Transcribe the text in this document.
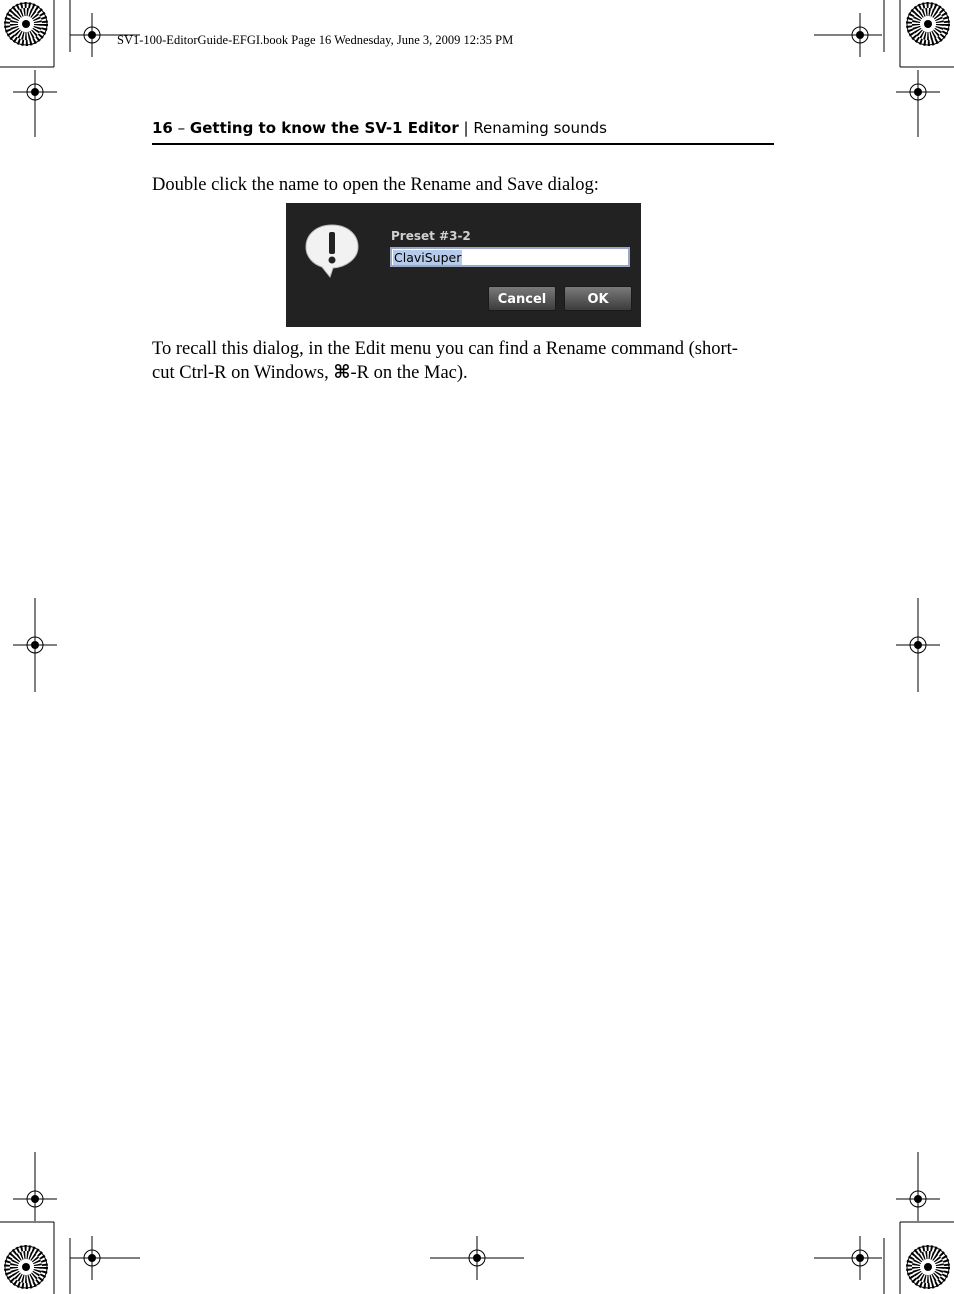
SV1-100-EditorGuide-EFGI.book Page 16 Wednesday, June 3, 2009 12:35 PM
16 – Getting to know the SV-1 Editor | Renaming sounds
Double click the name to open the Rename and Save dialog:
Preset #3-2
ClaviSuper
Cancel	OK
To recall this dialog, in the Edit menu you can find a Rename command (short-
cut Ctrl-R on Windows, ⌘-R on the Mac).
